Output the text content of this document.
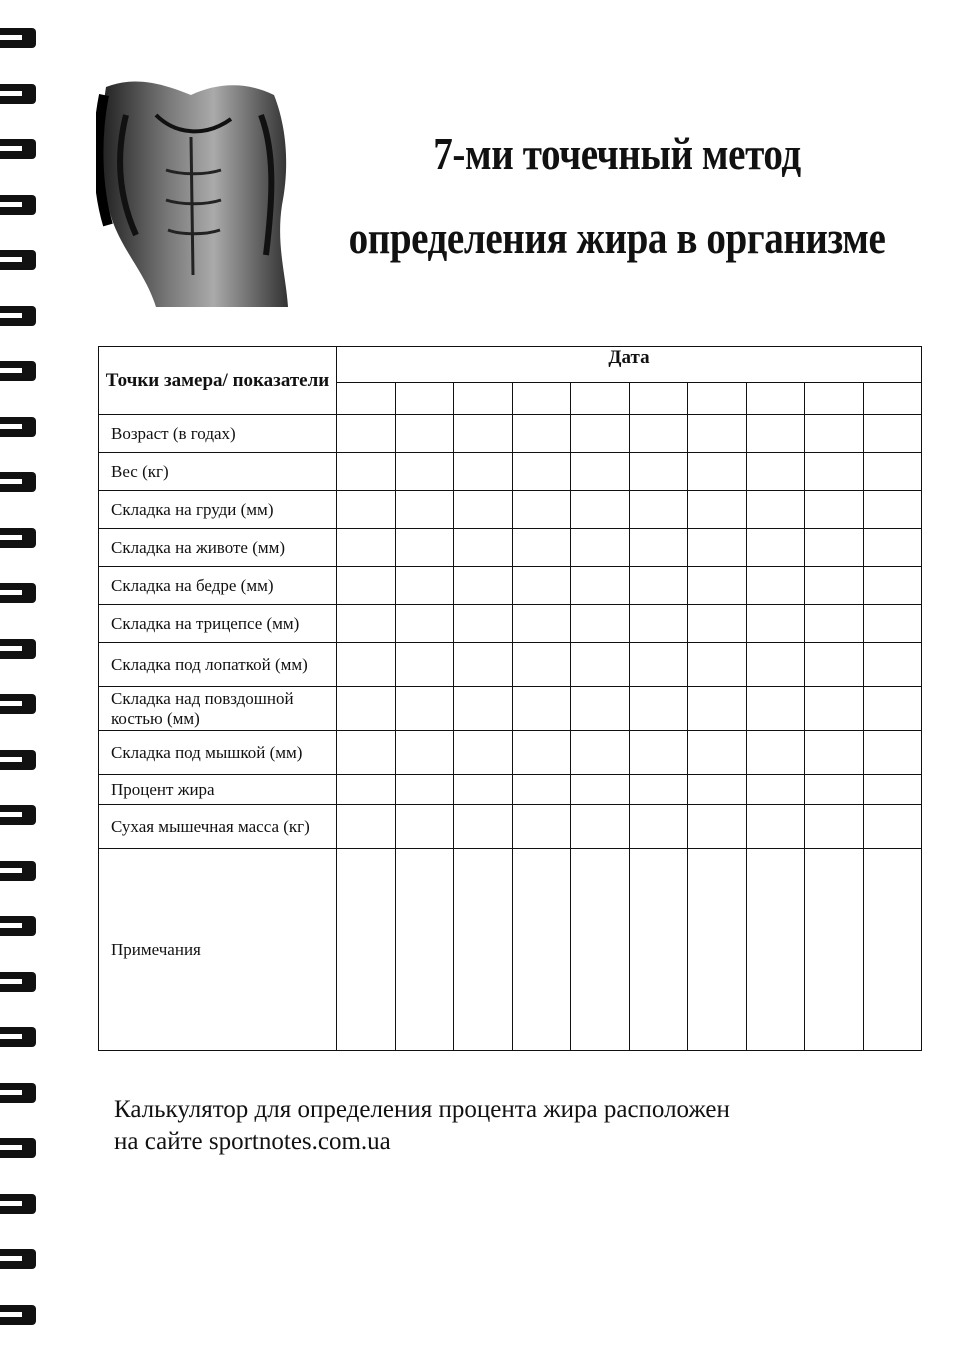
7-ми точечный метод
определения жира в организме
Точки замера/ показатели	Дата									

Возраст (в годах)										
Вес (кг)										
Складка на груди (мм)										
Складка на животе (мм)										
Складка на бедре (мм)										
Складка на трицепсе (мм)										
Складка под лопаткой (мм)										
Складка над повздошной костью (мм)										
Складка под мышкой (мм)										
Процент жира										
Сухая мышечная масса (кг)										
Примечания										
Калькулятор для определения процента жира расположен
на сайте sportnotes.com.ua
